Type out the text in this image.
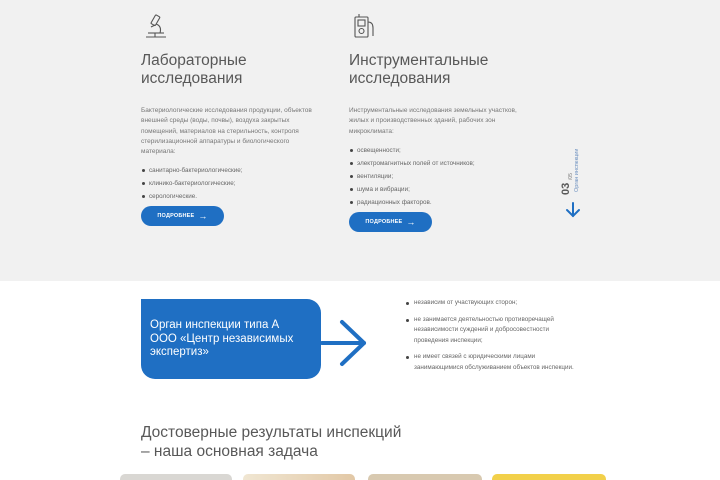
Лабораторные
исследования

Бактериологические исследования продукции, объектов внешней среды (воды, почвы), воздуха закрытых помещений, материалов на стерильность, контроля стерилизационной аппаратуры и биологического материала:

санитарно-бактериологические;
клинико-бактериологические;
серологические.
Инструментальные
исследования

Инструментальные исследования земельных участков, жилых и производственных зданий, рабочих зон микроклимата:

освещенности;
электромагнитных полей от источников;
вентиляции;
шума и вибрации;
радиационных факторов.
ПОДРОБНЕЕ →
ПОДРОБНЕЕ →
03
/05 Орган инспекции
Орган инспекции типа А
ООО «Центр независимых
экспертиз»
независим от участвующих сторон;
не занимается деятельностью противоречащей независимости суждений и добросовестности проведения инспекции;
не имеет связей с юридическими лицами занимающимися обслуживанием объектов инспекции.
Достоверные результаты инспекций
– наша основная задача
